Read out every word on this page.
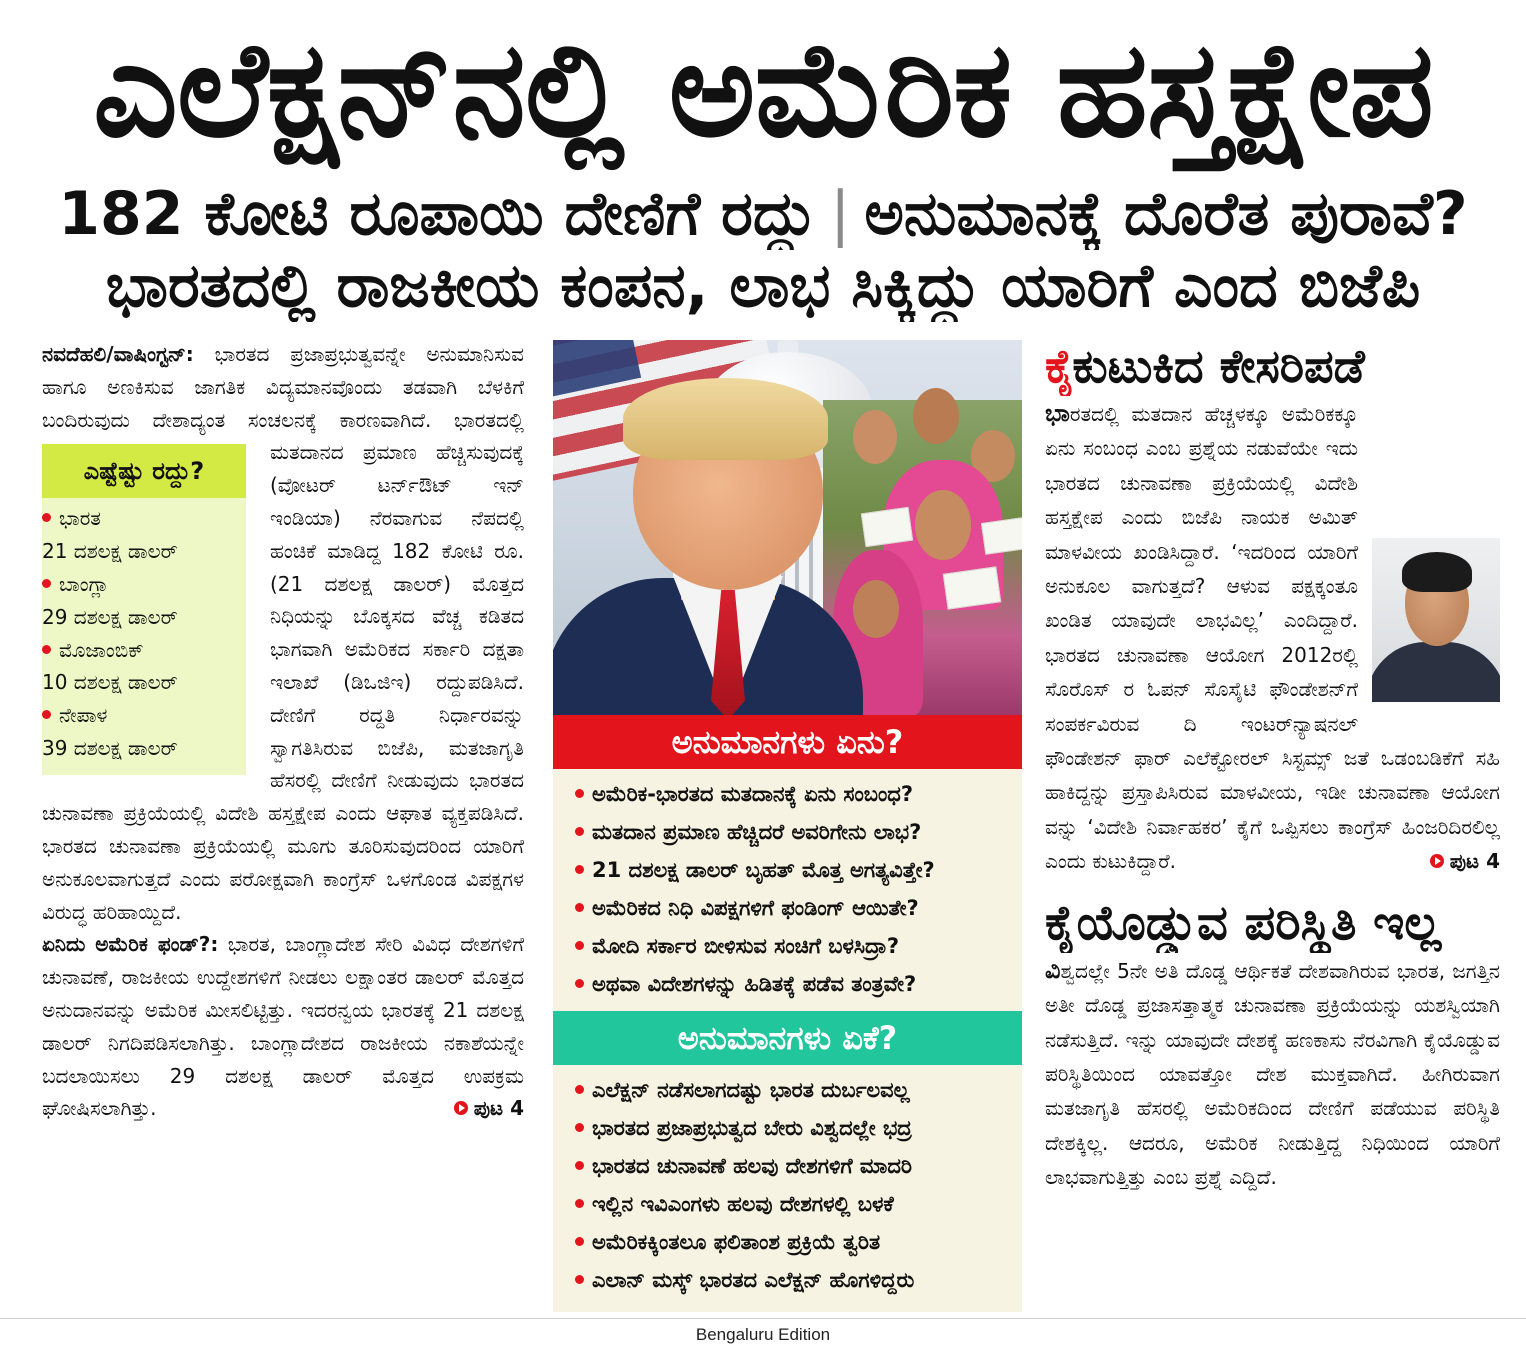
ಎಲೆಕ್ಷನ್‌ನಲ್ಲಿ ಅಮೆರಿಕ ಹಸ್ತಕ್ಷೇಪ
182 ಕೋಟಿ ರೂಪಾಯಿ ದೇಣಿಗೆ ರದ್ದು | ಅನುಮಾನಕ್ಕೆ ದೊರೆತ ಪುರಾವೆ?
ಭಾರತದಲ್ಲಿ ರಾಜಕೀಯ ಕಂಪನ, ಲಾಭ ಸಿಕ್ಕಿದ್ದು ಯಾರಿಗೆ ಎಂದ ಬಿಜೆಪಿ

ನವದೆಹಲಿ/ವಾಷಿಂಗ್ಟನ್: ಭಾರತದ ಪ್ರಜಾಪ್ರಭುತ್ವವನ್ನೇ ಅನುಮಾನಿಸುವ ಹಾಗೂ ಅಣಕಿಸುವ ಜಾಗತಿಕ ವಿದ್ಯಮಾನವೊಂದು ತಡವಾಗಿ ಬೆಳಕಿಗೆ ಬಂದಿರುವುದು ದೇಶಾದ್ಯಂತ ಸಂಚಲನಕ್ಕೆ ಕಾರಣವಾಗಿದೆ. ಭಾರತದಲ್ಲಿ

ಎಷ್ಟೆಷ್ಟು ರದ್ದು?
ಭಾರತ
21 ದಶಲಕ್ಷ ಡಾಲರ್
ಬಾಂಗ್ಲಾ
29 ದಶಲಕ್ಷ ಡಾಲರ್
ಮೊಜಾಂಬಿಕ್
10 ದಶಲಕ್ಷ ಡಾಲರ್
ನೇಪಾಳ
39 ದಶಲಕ್ಷ ಡಾಲರ್
ಮತದಾನದ ಪ್ರಮಾಣ ಹೆಚ್ಚಿಸುವುದಕ್ಕೆ (ವೋಟರ್ ಟರ್ನ್‌ಔಟ್ ಇನ್ ಇಂಡಿಯಾ) ನೆರವಾಗುವ ನೆಪದಲ್ಲಿ ಹಂಚಿಕೆ ಮಾಡಿದ್ದ 182 ಕೋಟಿ ರೂ. (21 ದಶಲಕ್ಷ ಡಾಲರ್) ಮೊತ್ತದ ನಿಧಿಯನ್ನು ಬೊಕ್ಕಸದ ವೆಚ್ಚ ಕಡಿತದ ಭಾಗವಾಗಿ ಅಮೆರಿಕದ ಸರ್ಕಾರಿ ದಕ್ಷತಾ ಇಲಾಖೆ (ಡಿಒಜಿಇ) ರದ್ದುಪಡಿಸಿದೆ. ದೇಣಿಗೆ ರದ್ದತಿ ನಿರ್ಧಾರವನ್ನು ಸ್ವಾಗತಿಸಿರುವ ಬಿಜೆಪಿ, ಮತಜಾಗೃತಿ ಹೆಸರಲ್ಲಿ ದೇಣಿಗೆ ನೀಡುವುದು ಭಾರತದ ಚುನಾವಣಾ ಪ್ರಕ್ರಿಯೆಯಲ್ಲಿ ವಿದೇಶಿ ಹಸ್ತಕ್ಷೇಪ ಎಂದು ಆಘಾತ ವ್ಯಕ್ತಪಡಿಸಿದೆ. ಭಾರತದ ಚುನಾವಣಾ ಪ್ರಕ್ರಿಯೆಯಲ್ಲಿ ಮೂಗು ತೂರಿಸುವುದರಿಂದ ಯಾರಿಗೆ ಅನುಕೂಲವಾಗುತ್ತದೆ ಎಂದು ಪರೋಕ್ಷವಾಗಿ ಕಾಂಗ್ರೆಸ್ ಒಳಗೊಂಡ ವಿಪಕ್ಷಗಳ ವಿರುದ್ಧ ಹರಿಹಾಯ್ದಿದೆ.

ಏನಿದು ಅಮೆರಿಕ ಫಂಡ್?: ಭಾರತ, ಬಾಂಗ್ಲಾದೇಶ ಸೇರಿ ವಿವಿಧ ದೇಶಗಳಿಗೆ ಚುನಾವಣೆ, ರಾಜಕೀಯ ಉದ್ದೇಶಗಳಿಗೆ ನೀಡಲು ಲಕ್ಷಾಂತರ ಡಾಲರ್ ಮೊತ್ತದ ಅನುದಾನವನ್ನು ಅಮೆರಿಕ ಮೀಸಲಿಟ್ಟಿತ್ತು. ಇದರನ್ವಯ ಭಾರತಕ್ಕೆ 21 ದಶಲಕ್ಷ ಡಾಲರ್ ನಿಗದಿಪಡಿಸಲಾಗಿತ್ತು. ಬಾಂಗ್ಲಾದೇಶದ ರಾಜಕೀಯ ನಕಾಶೆಯನ್ನೇ ಬದಲಾಯಿಸಲು 29 ದಶಲಕ್ಷ ಡಾಲರ್ ಮೊತ್ತದ ಉಪಕ್ರಮ ಘೋಷಿಸಲಾಗಿತ್ತು.	ಪುಟ 4

ಅನುಮಾನಗಳು ಏನು?
ಅಮೆರಿಕ-ಭಾರತದ ಮತದಾನಕ್ಕೆ ಏನು ಸಂಬಂಧ?
ಮತದಾನ ಪ್ರಮಾಣ ಹೆಚ್ಚಿದರೆ ಅವರಿಗೇನು ಲಾಭ?
21 ದಶಲಕ್ಷ ಡಾಲರ್ ಬೃಹತ್ ಮೊತ್ತ ಅಗತ್ಯವಿತ್ತೇ?
ಅಮೆರಿಕದ ನಿಧಿ ವಿಪಕ್ಷಗಳಿಗೆ ಫಂಡಿಂಗ್ ಆಯಿತೇ?
ಮೋದಿ ಸರ್ಕಾರ ಬೀಳಿಸುವ ಸಂಚಿಗೆ ಬಳಸಿದ್ರಾ?
ಅಥವಾ ವಿದೇಶಗಳನ್ನು ಹಿಡಿತಕ್ಕೆ ಪಡೆವ ತಂತ್ರವೇ?
ಅನುಮಾನಗಳು ಏಕೆ?
ಎಲೆಕ್ಷನ್ ನಡೆಸಲಾಗದಷ್ಟು ಭಾರತ ದುರ್ಬಲವಲ್ಲ
ಭಾರತದ ಪ್ರಜಾಪ್ರಭುತ್ವದ ಬೇರು ವಿಶ್ವದಲ್ಲೇ ಭದ್ರ
ಭಾರತದ ಚುನಾವಣೆ ಹಲವು ದೇಶಗಳಿಗೆ ಮಾದರಿ
ಇಲ್ಲಿನ ಇವಿಎಂಗಳು ಹಲವು ದೇಶಗಳಲ್ಲಿ ಬಳಕೆ
ಅಮೆರಿಕಕ್ಕಿಂತಲೂ ಫಲಿತಾಂಶ ಪ್ರಕ್ರಿಯೆ ತ್ವರಿತ
ಎಲಾನ್ ಮಸ್ಕ್ ಭಾರತದ ಎಲೆಕ್ಷನ್ ಹೊಗಳಿದ್ದರು
ಕೈಕುಟುಕಿದ ಕೇಸರಿಪಡೆ

ಭಾರತದಲ್ಲಿ ಮತದಾನ ಹೆಚ್ಚಳಕ್ಕೂ ಅಮೆರಿಕಕ್ಕೂ ಏನು ಸಂಬಂಧ ಎಂಬ ಪ್ರಶ್ನೆಯ ನಡುವೆಯೇ ಇದು ಭಾರತದ ಚುನಾವಣಾ ಪ್ರಕ್ರಿಯೆಯಲ್ಲಿ ವಿದೇಶಿ ಹಸ್ತಕ್ಷೇಪ ಎಂದು ಬಿಜೆಪಿ ನಾಯಕ ಅಮಿತ್ ಮಾಳವೀಯ ಖಂಡಿಸಿದ್ದಾರೆ. ‘ಇದರಿಂದ ಯಾರಿಗೆ ಅನುಕೂಲ ವಾಗುತ್ತದೆ? ಆಳುವ ಪಕ್ಷಕ್ಕಂತೂ ಖಂಡಿತ ಯಾವುದೇ ಲಾಭವಿಲ್ಲ’ ಎಂದಿದ್ದಾರೆ. ಭಾರತದ ಚುನಾವಣಾ ಆಯೋಗ 2012ರಲ್ಲಿ ಸೊರೊಸ್ ರ ಓಪನ್ ಸೊಸೈಟಿ ಫೌಂಡೇಶನ್‌ಗೆ ಸಂಪರ್ಕವಿರುವ ದಿ ಇಂಟರ್‌ನ್ಯಾಷನಲ್ ಫೌಂಡೇಶನ್ ಫಾರ್ ಎಲೆಕ್ಟೋರಲ್ ಸಿಸ್ಟಮ್ಸ್ ಜತೆ ಒಡಂಬಡಿಕೆಗೆ ಸಹಿ ಹಾಕಿದ್ದನ್ನು ಪ್ರಸ್ತಾಪಿಸಿರುವ ಮಾಳವೀಯ, ಇಡೀ ಚುನಾವಣಾ ಆಯೋಗ ವನ್ನು ‘ವಿದೇಶಿ ನಿರ್ವಾಹಕರ’ ಕೈಗೆ ಒಪ್ಪಿಸಲು ಕಾಂಗ್ರೆಸ್ ಹಿಂಜರಿದಿರಲಿಲ್ಲ ಎಂದು ಕುಟುಕಿದ್ದಾರೆ.	ಪುಟ 4

ಕೈಯೊಡ್ಡುವ ಪರಿಸ್ಥಿತಿ ಇಲ್ಲ

ವಿಶ್ವದಲ್ಲೇ 5ನೇ ಅತಿ ದೊಡ್ಡ ಆರ್ಥಿಕತೆ ದೇಶವಾಗಿರುವ ಭಾರತ, ಜಗತ್ತಿನ ಅತೀ ದೊಡ್ಡ ಪ್ರಜಾಸತ್ತಾತ್ಮಕ ಚುನಾವಣಾ ಪ್ರಕ್ರಿಯೆಯನ್ನು ಯಶಸ್ವಿಯಾಗಿ ನಡೆಸುತ್ತಿದೆ. ಇನ್ನು ಯಾವುದೇ ದೇಶಕ್ಕೆ ಹಣಕಾಸು ನೆರವಿಗಾಗಿ ಕೈಯೊಡ್ಡುವ ಪರಿಸ್ಥಿತಿಯಿಂದ ಯಾವತ್ತೋ ದೇಶ ಮುಕ್ತವಾಗಿದೆ. ಹೀಗಿರುವಾಗ ಮತಜಾಗೃತಿ ಹೆಸರಲ್ಲಿ ಅಮೆರಿಕದಿಂದ ದೇಣಿಗೆ ಪಡೆಯುವ ಪರಿಸ್ಥಿತಿ ದೇಶಕ್ಕಿಲ್ಲ. ಆದರೂ, ಅಮೆರಿಕ ನೀಡುತ್ತಿದ್ದ ನಿಧಿಯಿಂದ ಯಾರಿಗೆ ಲಾಭವಾಗುತ್ತಿತ್ತು ಎಂಬ ಪ್ರಶ್ನೆ ಎದ್ದಿದೆ.

Bengaluru Edition
